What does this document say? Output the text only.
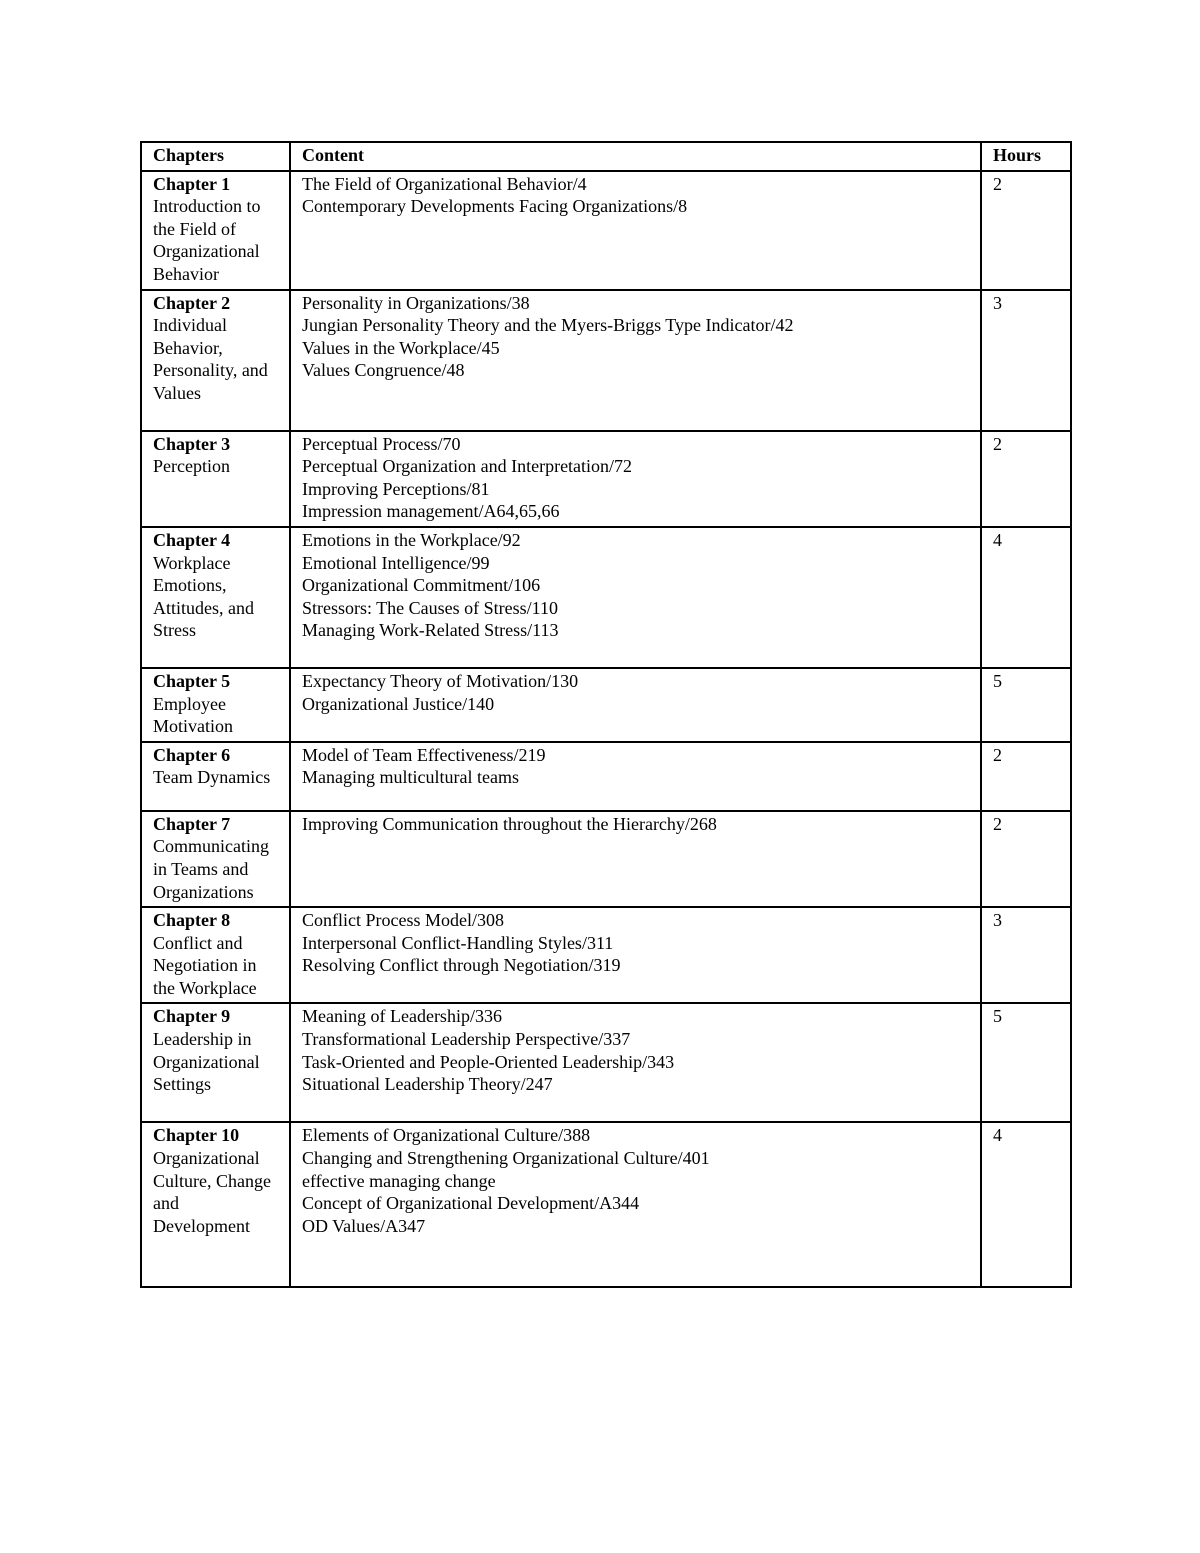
Chapters	Content	Hours

Chapter 1
Introduction to the Field of Organizational Behavior	The Field of Organizational Behavior/4
Contemporary Developments Facing Organizations/8	2

Chapter 2
Individual Behavior, Personality, and Values	Personality in Organizations/38
Jungian Personality Theory and the Myers-Briggs Type Indicator/42
Values in the Workplace/45
Values Congruence/48	3

Chapter 3
Perception	Perceptual Process/70
Perceptual Organization and Interpretation/72
Improving Perceptions/81
Impression management/A64,65,66	2

Chapter 4
Workplace Emotions, Attitudes, and Stress	Emotions in the Workplace/92
Emotional Intelligence/99
Organizational Commitment/106
Stressors: The Causes of Stress/110
Managing Work-Related Stress/113	4

Chapter 5
Employee Motivation	Expectancy Theory of Motivation/130
Organizational Justice/140	5

Chapter 6
Team Dynamics	Model of Team Effectiveness/219
Managing multicultural teams	2

Chapter 7
Communicating in Teams and Organizations	Improving Communication throughout the Hierarchy/268	2

Chapter 8
Conflict and Negotiation in the Workplace	Conflict Process Model/308
Interpersonal Conflict-Handling Styles/311
Resolving Conflict through Negotiation/319	3

Chapter 9
Leadership in Organizational Settings	Meaning of Leadership/336
Transformational Leadership Perspective/337
Task-Oriented and People-Oriented Leadership/343
Situational Leadership Theory/247	5

Chapter 10
Organizational Culture, Change and Development	Elements of Organizational Culture/388
Changing and Strengthening Organizational Culture/401
effective managing change
Concept of Organizational Development/A344
OD Values/A347	4
